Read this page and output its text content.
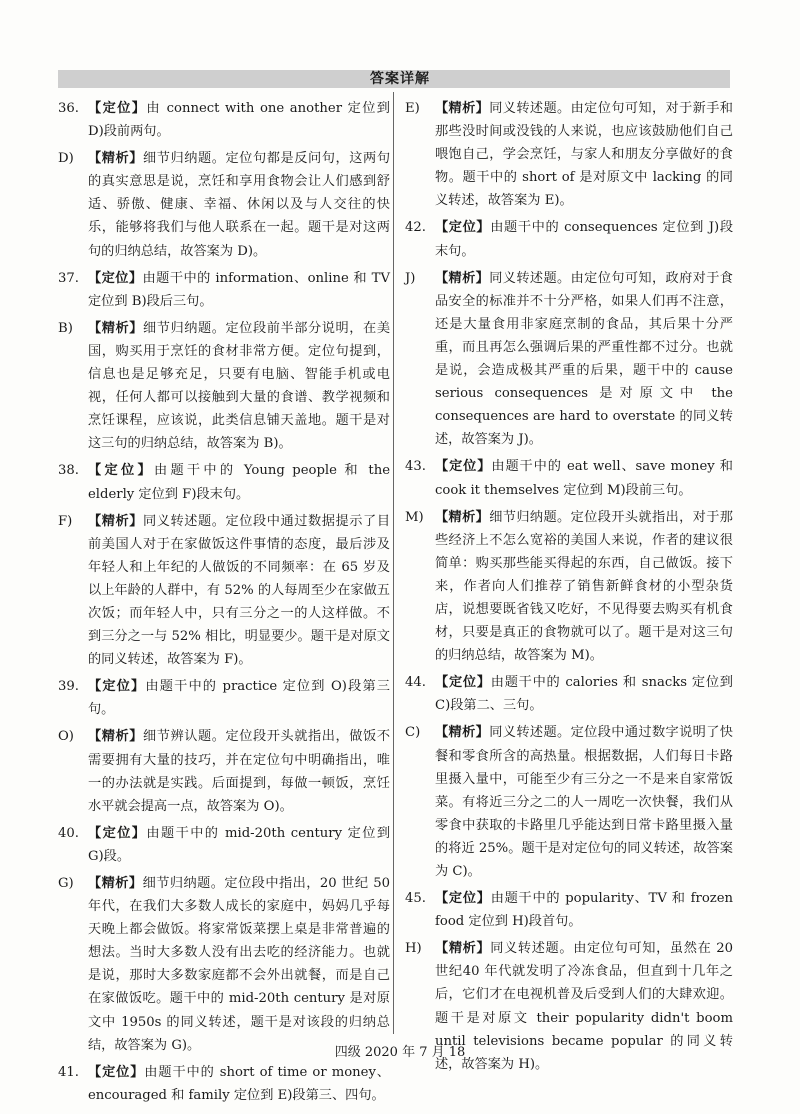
答案详解
36. 【定位】由 connect with one another 定位到 D)段前两句。
D)	【精析】细节归纳题。定位句都是反问句，这两句的真实意思是说，烹饪和享用食物会让人们感到舒适、骄傲、健康、幸福、休闲以及与人交往的快乐，能够将我们与他人联系在一起。题干是对这两句的归纳总结，故答案为 D)。
37. 【定位】由题干中的 information、online 和 TV 定位到 B)段后三句。
B)	【精析】细节归纳题。定位段前半部分说明，在美国，购买用于烹饪的食材非常方便。定位句提到，信息也是足够充足，只要有电脑、智能手机或电视，任何人都可以接触到大量的食谱、教学视频和烹饪课程，应该说，此类信息铺天盖地。题干是对这三句的归纳总结，故答案为 B)。
38. 【定位】由题干中的 Young people 和 the elderly 定位到 F)段末句。
F)	【精析】同义转述题。定位段中通过数据提示了目前美国人对于在家做饭这件事情的态度，最后涉及年轻人和上年纪的人做饭的不同频率：在 65 岁及以上年龄的人群中，有 52% 的人每周至少在家做五次饭；而年轻人中，只有三分之一的人这样做。不到三分之一与 52% 相比，明显要少。题干是对原文的同义转述，故答案为 F)。
39. 【定位】由题干中的 practice 定位到 O)段第三句。
O)	【精析】细节辨认题。定位段开头就指出，做饭不需要拥有大量的技巧，并在定位句中明确指出，唯一的办法就是实践。后面提到，每做一顿饭，烹饪水平就会提高一点，故答案为 O)。
40. 【定位】由题干中的 mid-20th century 定位到 G)段。
G)	【精析】细节归纳题。定位段中指出，20 世纪 50 年代，在我们大多数人成长的家庭中，妈妈几乎每天晚上都会做饭。将家常饭菜摆上桌是非常普遍的想法。当时大多数人没有出去吃的经济能力。也就是说，那时大多数家庭都不会外出就餐，而是自己在家做饭吃。题干中的 mid-20th century 是对原文中 1950s 的同义转述，题干是对该段的归纳总结，故答案为 G)。
41. 【定位】由题干中的 short of time or money、encouraged 和 family 定位到 E)段第三、四句。
E)	【精析】同义转述题。由定位句可知，对于新手和那些没时间或没钱的人来说，也应该鼓励他们自己喂饱自己，学会烹饪，与家人和朋友分享做好的食物。题干中的 short of 是对原文中 lacking 的同义转述，故答案为 E)。
42. 【定位】由题干中的 consequences 定位到 J)段末句。
J)	【精析】同义转述题。由定位句可知，政府对于食品安全的标准并不十分严格，如果人们再不注意，还是大量食用非家庭烹制的食品，其后果十分严重，而且再怎么强调后果的严重性都不过分。也就是说，会造成极其严重的后果，题干中的 cause serious consequences 是对原文中 the consequences are hard to overstate 的同义转述，故答案为 J)。
43. 【定位】由题干中的 eat well、save money 和 cook it themselves 定位到 M)段前三句。
M) 【精析】细节归纳题。定位段开头就指出，对于那些经济上不怎么宽裕的美国人来说，作者的建议很简单：购买那些能买得起的东西，自己做饭。接下来，作者向人们推荐了销售新鲜食材的小型杂货店，说想要既省钱又吃好，不见得要去购买有机食材，只要是真正的食物就可以了。题干是对这三句的归纳总结，故答案为 M)。
44. 【定位】由题干中的 calories 和 snacks 定位到 C)段第二、三句。
C)	【精析】同义转述题。定位段中通过数字说明了快餐和零食所含的高热量。根据数据，人们每日卡路里摄入量中，可能至少有三分之一不是来自家常饭菜。有将近三分之二的人一周吃一次快餐，我们从零食中获取的卡路里几乎能达到日常卡路里摄入量的将近 25%。题干是对定位句的同义转述，故答案为 C)。
45. 【定位】由题干中的 popularity、TV 和 frozen food 定位到 H)段首句。
H)	【精析】同义转述题。由定位句可知，虽然在 20 世纪40 年代就发明了冷冻食品，但直到十几年之后，它们才在电视机普及后受到人们的大肆欢迎。题干是对原文 their popularity didn't boom until televisions became popular 的同义转述，故答案为 H)。
四级 2020 年 7 月 18
